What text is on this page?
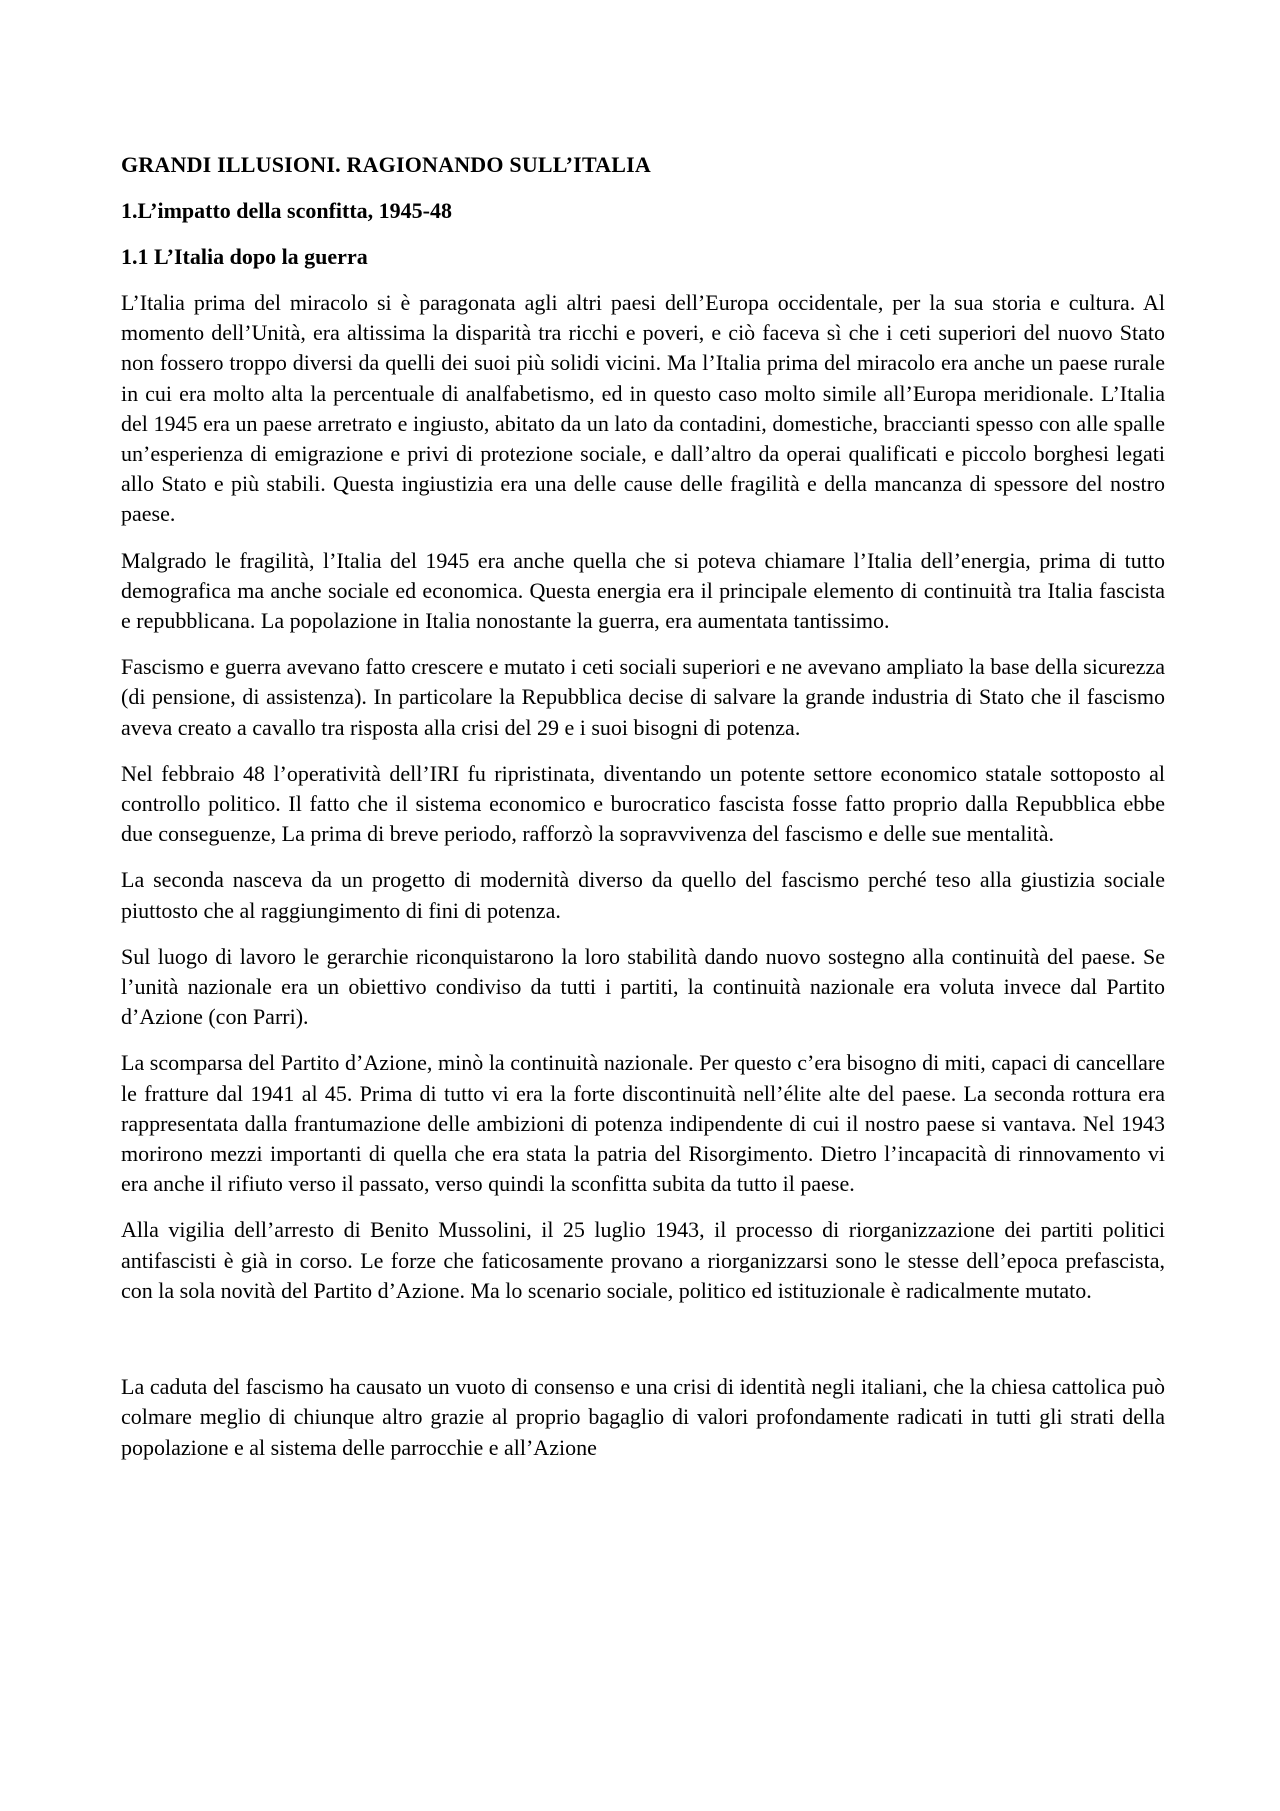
GRANDI ILLUSIONI. RAGIONANDO SULL’ITALIA
1.L’impatto della sconfitta, 1945-48
1.1 L’Italia dopo la guerra

L’Italia prima del miracolo si è paragonata agli altri paesi dell’Europa occidentale, per la sua storia e cultura. Al momento dell’Unità, era altissima la disparità tra ricchi e poveri, e ciò faceva sì che i ceti superiori del nuovo Stato non fossero troppo diversi da quelli dei suoi più solidi vicini. Ma l’Italia prima del miracolo era anche un paese rurale in cui era molto alta la percentuale di analfabetismo, ed in questo caso molto simile all’Europa meridionale. L’Italia del 1945 era un paese arretrato e ingiusto, abitato da un lato da contadini, domestiche, braccianti spesso con alle spalle un’esperienza di emigrazione e privi di protezione sociale, e dall’altro da operai qualificati e piccolo borghesi legati allo Stato e più stabili. Questa ingiustizia era una delle cause delle fragilità e della mancanza di spessore del nostro paese.

Malgrado le fragilità, l’Italia del 1945 era anche quella che si poteva chiamare l’Italia dell’energia, prima di tutto demografica ma anche sociale ed economica. Questa energia era il principale elemento di continuità tra Italia fascista e repubblicana. La popolazione in Italia nonostante la guerra, era aumentata tantissimo.

Fascismo e guerra avevano fatto crescere e mutato i ceti sociali superiori e ne avevano ampliato la base della sicurezza (di pensione, di assistenza). In particolare la Repubblica decise di salvare la grande industria di Stato che il fascismo aveva creato a cavallo tra risposta alla crisi del 29 e i suoi bisogni di potenza.

Nel febbraio 48 l’operatività dell’IRI fu ripristinata, diventando un potente settore economico statale sottoposto al controllo politico. Il fatto che il sistema economico e burocratico fascista fosse fatto proprio dalla Repubblica ebbe due conseguenze, La prima di breve periodo, rafforzò la sopravvivenza del fascismo e delle sue mentalità.

La seconda nasceva da un progetto di modernità diverso da quello del fascismo perché teso alla giustizia sociale piuttosto che al raggiungimento di fini di potenza.

Sul luogo di lavoro le gerarchie riconquistarono la loro stabilità dando nuovo sostegno alla continuità del paese. Se l’unità nazionale era un obiettivo condiviso da tutti i partiti, la continuità nazionale era voluta invece dal Partito d’Azione (con Parri).

La scomparsa del Partito d’Azione, minò la continuità nazionale. Per questo c’era bisogno di miti, capaci di cancellare le fratture dal 1941 al 45. Prima di tutto vi era la forte discontinuità nell’élite alte del paese. La seconda rottura era rappresentata dalla frantumazione delle ambizioni di potenza indipendente di cui il nostro paese si vantava. Nel 1943 morirono mezzi importanti di quella che era stata la patria del Risorgimento. Dietro l’incapacità di rinnovamento vi era anche il rifiuto verso il passato, verso quindi la sconfitta subita da tutto il paese.

Alla vigilia dell’arresto di Benito Mussolini, il 25 luglio 1943, il processo di riorganizzazione dei partiti politici antifascisti è già in corso. Le forze che faticosamente provano a riorganizzarsi sono le stesse dell’epoca prefascista, con la sola novità del Partito d’Azione. Ma lo scenario sociale, politico ed istituzionale è radicalmente mutato.

La caduta del fascismo ha causato un vuoto di consenso e una crisi di identità negli italiani, che la chiesa cattolica può colmare meglio di chiunque altro grazie al proprio bagaglio di valori profondamente radicati in tutti gli strati della popolazione e al sistema delle parrocchie e all’Azione
